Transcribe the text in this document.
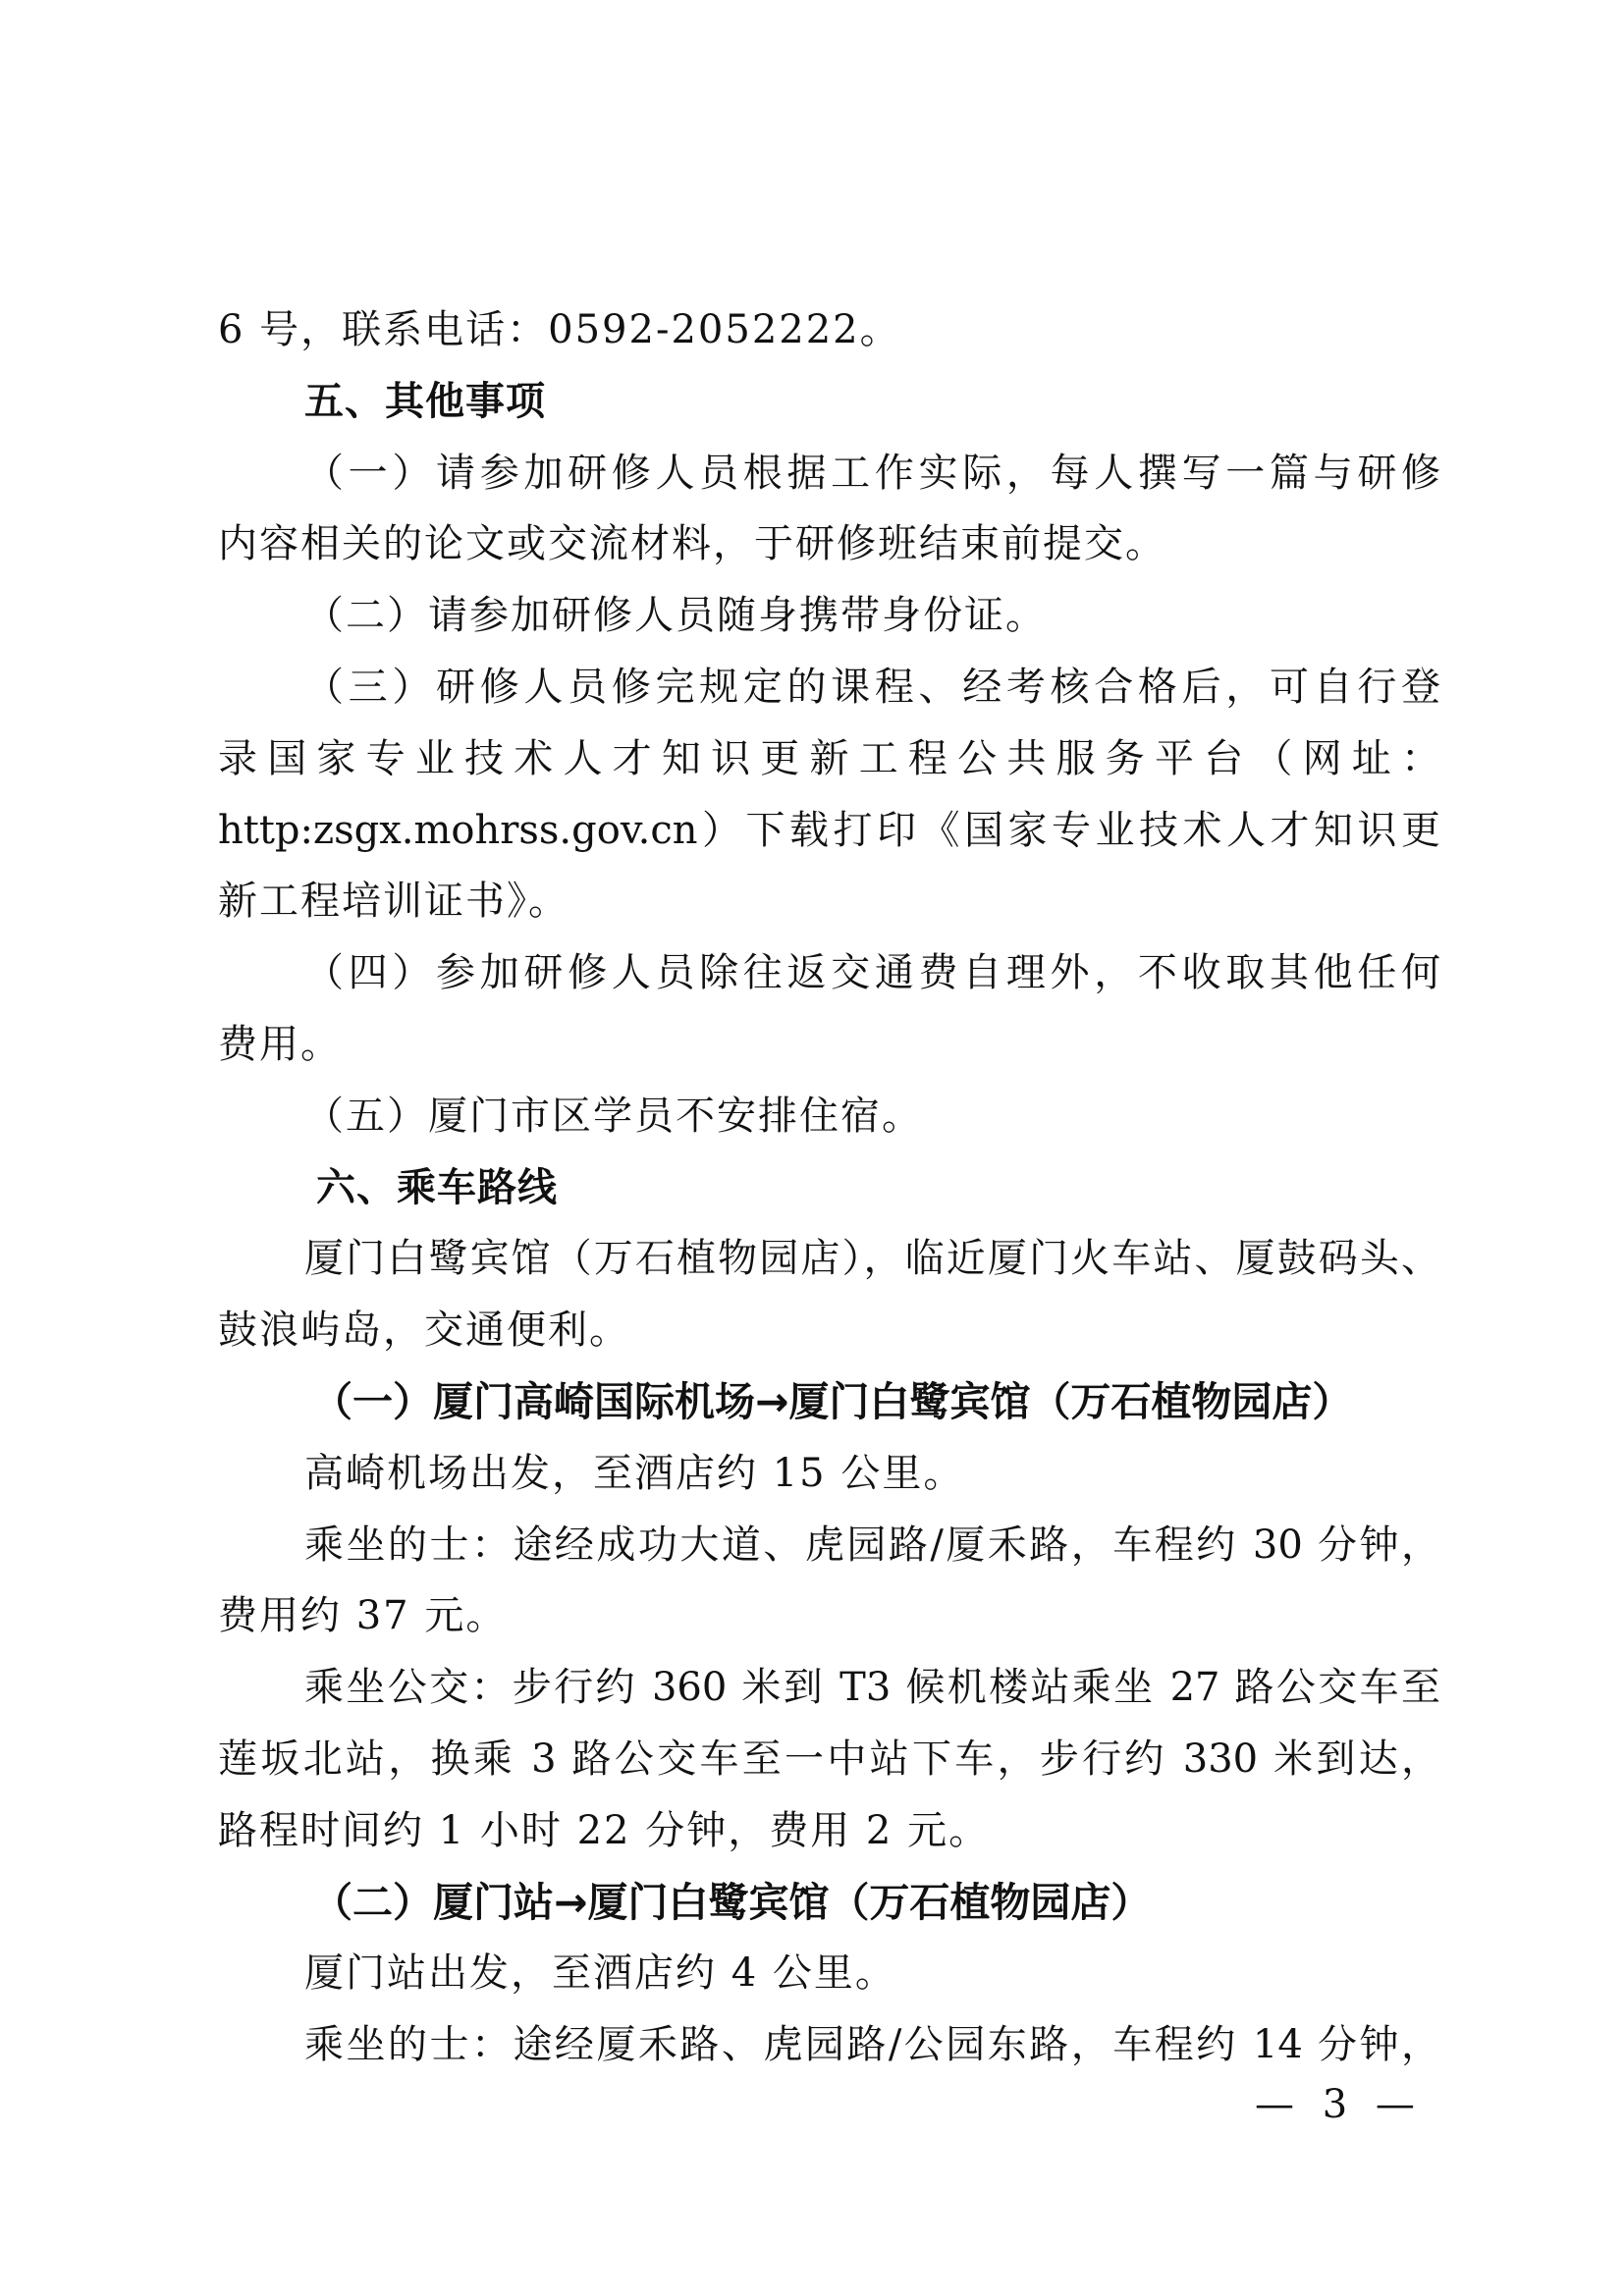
6 号，联系电话：0592-2052222。
五、其他事项
（一）请参加研修人员根据工作实际，每人撰写一篇与研修
内容相关的论文或交流材料，于研修班结束前提交。
（二）请参加研修人员随身携带身份证。
（三）研修人员修完规定的课程、经考核合格后，可自行登
录国家专业技术人才知识更新工程公共服务平台（网址：
http:zsgx.mohrss.gov.cn）下载打印《国家专业技术人才知识更
新工程培训证书》。
（四）参加研修人员除往返交通费自理外，不收取其他任何
费用。
（五）厦门市区学员不安排住宿。
六、乘车路线
厦门白鹭宾馆（万石植物园店），临近厦门火车站、厦鼓码头、
鼓浪屿岛，交通便利。
（一）厦门高崎国际机场→厦门白鹭宾馆（万石植物园店）
高崎机场出发，至酒店约 15 公里。
乘坐的士：途经成功大道、虎园路/厦禾路，车程约 30 分钟，
费用约 37 元。
乘坐公交：步行约 360 米到 T3 候机楼站乘坐 27 路公交车至
莲坂北站，换乘 3 路公交车至一中站下车，步行约 330 米到达，
路程时间约 1 小时 22 分钟，费用 2 元。
（二）厦门站→厦门白鹭宾馆（万石植物园店）
厦门站出发，至酒店约 4 公里。
乘坐的士：途经厦禾路、虎园路/公园东路，车程约 14 分钟，
— 3 —
